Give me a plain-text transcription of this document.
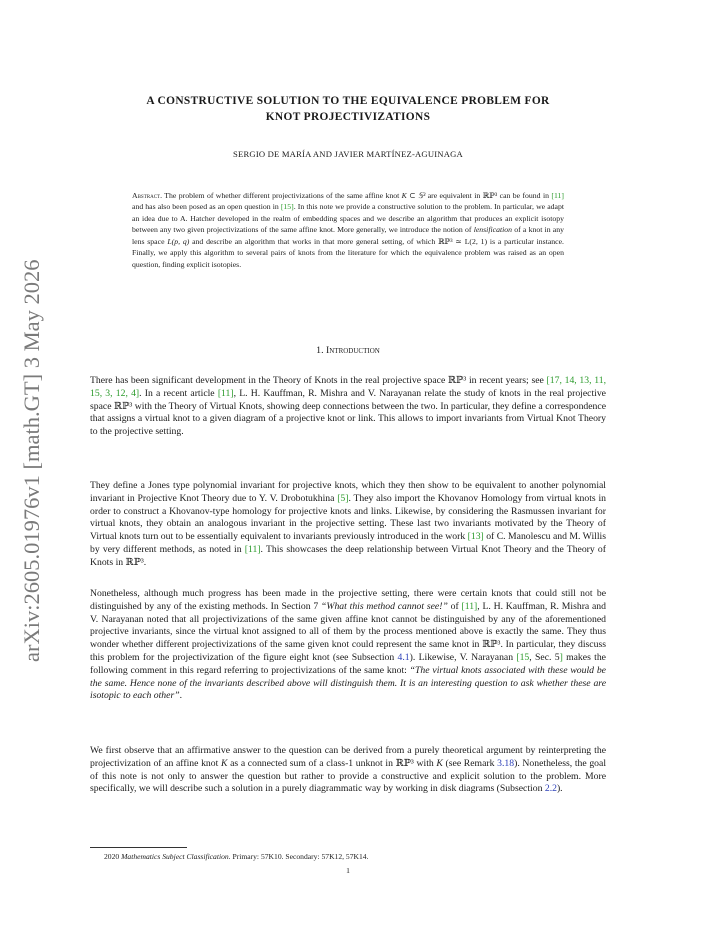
arXiv:2605.01976v1 [math.GT] 3 May 2026
A CONSTRUCTIVE SOLUTION TO THE EQUIVALENCE PROBLEM FOR
KNOT PROJECTIVIZATIONS
SERGIO DE MARÍA AND JAVIER MARTÍNEZ-AGUINAGA
Abstract. The problem of whether different projectivizations of the same affine knot K ⊂ 𝕊³ are equivalent in ℝℙ³ can be found in [11] and has also been posed as an open question in [15]. In this note we provide a constructive solution to the problem. In particular, we adapt an idea due to A. Hatcher developed in the realm of embedding spaces and we describe an algorithm that produces an explicit isotopy between any two given projectivizations of the same affine knot. More generally, we introduce the notion of lensification of a knot in any lens space L(p, q) and describe an algorithm that works in that more general setting, of which ℝℙ³ ≃ L(2, 1) is a particular instance. Finally, we apply this algorithm to several pairs of knots from the literature for which the equivalence problem was raised as an open question, finding explicit isotopies.
1. Introduction
There has been significant development in the Theory of Knots in the real projective space ℝℙ³ in recent years; see [17, 14, 13, 11, 15, 3, 12, 4]. In a recent article [11], L. H. Kauffman, R. Mishra and V. Narayanan relate the study of knots in the real projective space ℝℙ³ with the Theory of Virtual Knots, showing deep connections between the two. In particular, they define a correspondence that assigns a virtual knot to a given diagram of a projective knot or link. This allows to import invariants from Virtual Knot Theory to the projective setting.
They define a Jones type polynomial invariant for projective knots, which they then show to be equivalent to another polynomial invariant in Projective Knot Theory due to Y. V. Drobotukhina [5]. They also import the Khovanov Homology from virtual knots in order to construct a Khovanov-type homology for projective knots and links. Likewise, by considering the Rasmussen invariant for virtual knots, they obtain an analogous invariant in the projective setting. These last two invariants motivated by the Theory of Virtual knots turn out to be essentially equivalent to invariants previously introduced in the work [13] of C. Manolescu and M. Willis by very different methods, as noted in [11]. This showcases the deep relationship between Virtual Knot Theory and the Theory of Knots in ℝℙ³.
Nonetheless, although much progress has been made in the projective setting, there were certain knots that could still not be distinguished by any of the existing methods. In Section 7 “What this method cannot see!” of [11], L. H. Kauffman, R. Mishra and V. Narayanan noted that all projectivizations of the same given affine knot cannot be distinguished by any of the aforementioned projective invariants, since the virtual knot assigned to all of them by the process mentioned above is exactly the same. They thus wonder whether different projectivizations of the same given knot could represent the same knot in ℝℙ³. In particular, they discuss this problem for the projectivization of the figure eight knot (see Subsection 4.1). Likewise, V. Narayanan [15, Sec. 5] makes the following comment in this regard referring to projectivizations of the same knot: “The virtual knots associated with these would be the same. Hence none of the invariants described above will distinguish them. It is an interesting question to ask whether these are isotopic to each other”.
We first observe that an affirmative answer to the question can be derived from a purely theoretical argument by reinterpreting the projectivization of an affine knot K as a connected sum of a class-1 unknot in ℝℙ³ with K (see Remark 3.18). Nonetheless, the goal of this note is not only to answer the question but rather to provide a constructive and explicit solution to the problem. More specifically, we will describe such a solution in a purely diagrammatic way by working in disk diagrams (Subsection 2.2).
2020 Mathematics Subject Classification. Primary: 57K10. Secondary: 57K12, 57K14.
1
